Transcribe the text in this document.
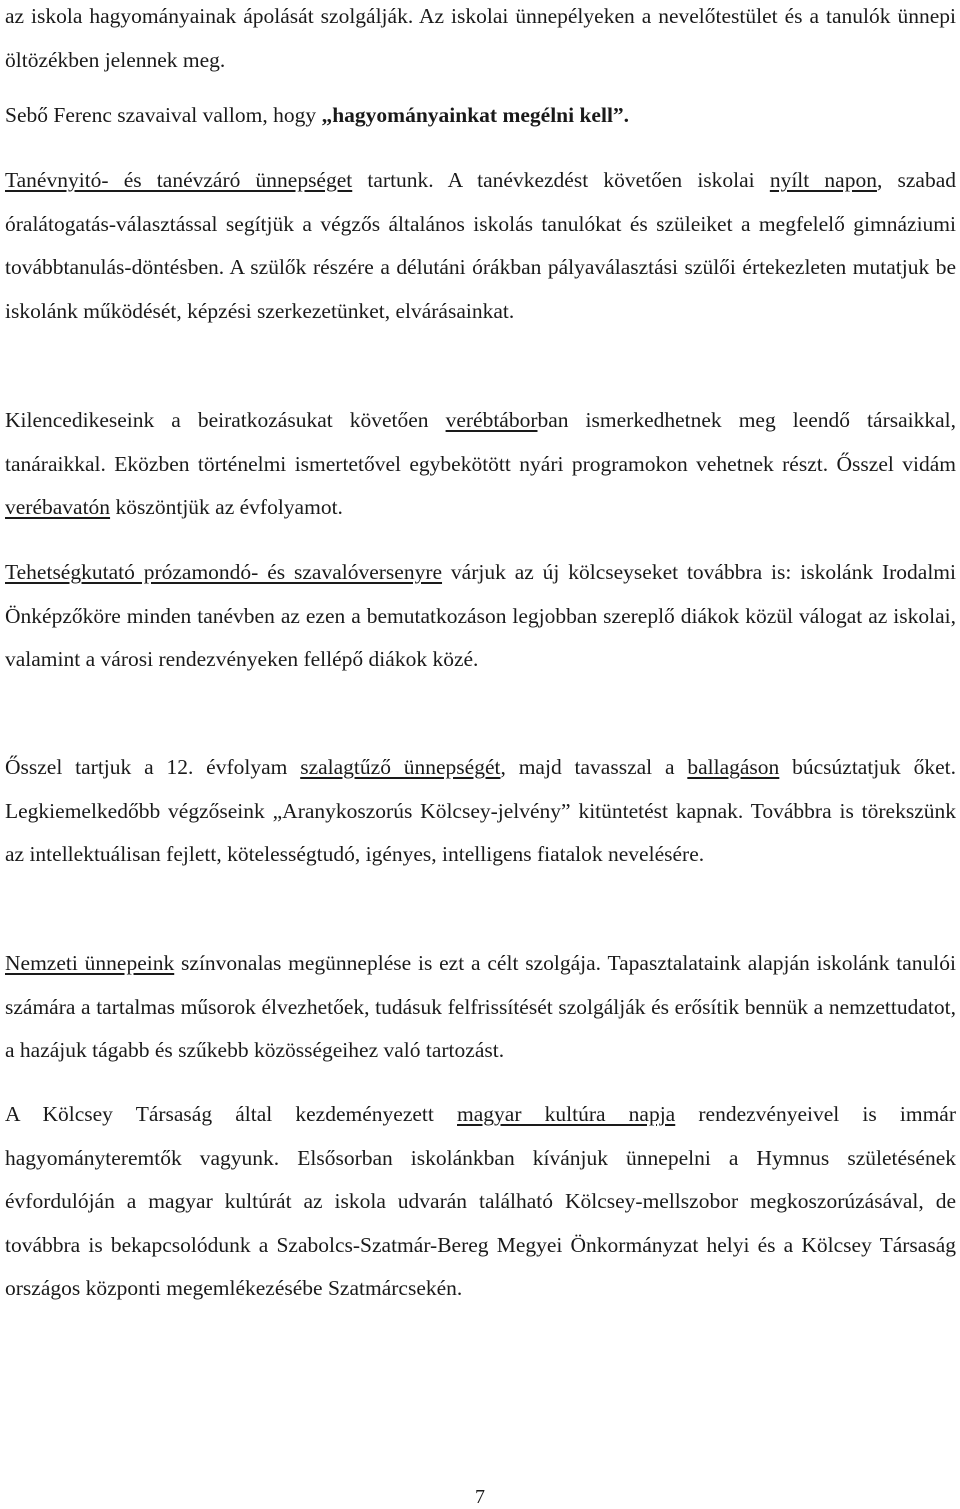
az iskola hagyományainak ápolását szolgálják. Az iskolai ünnepélyeken a nevelőtestület és a tanulók ünnepi öltözékben jelennek meg.

Sebő Ferenc szavaival vallom, hogy „hagyományainkat megélni kell”.

Tanévnyitó- és tanévzáró ünnepséget tartunk. A tanévkezdést követően iskolai nyílt napon, szabad óralátogatás-választással segítjük a végzős általános iskolás tanulókat és szüleiket a megfelelő gimnáziumi továbbtanulás-döntésben. A szülők részére a délutáni órákban pályaválasztási szülői értekezleten mutatjuk be iskolánk működését, képzési szerkezetünket, elvárásainkat.

Kilencedikeseink a beiratkozásukat követően verébtáborban ismerkedhetnek meg leendő társaikkal, tanáraikkal. Eközben történelmi ismertetővel egybekötött nyári programokon vehetnek részt. Ősszel vidám verébavatón köszöntjük az évfolyamot.

Tehetségkutató prózamondó- és szavalóversenyre várjuk az új kölcseyseket továbbra is: iskolánk Irodalmi Önképzőköre minden tanévben az ezen a bemutatkozáson legjobban szereplő diákok közül válogat az iskolai, valamint a városi rendezvényeken fellépő diákok közé.

Ősszel tartjuk a 12. évfolyam szalagtűző ünnepségét, majd tavasszal a ballagáson búcsúztatjuk őket. Legkiemelkedőbb végzőseink „Aranykoszorús Kölcsey-jelvény” kitüntetést kapnak. Továbbra is törekszünk az intellektuálisan fejlett, kötelességtudó, igényes, intelligens fiatalok nevelésére.

Nemzeti ünnepeink színvonalas megünneplése is ezt a célt szolgája. Tapasztalataink alapján iskolánk tanulói számára a tartalmas műsorok élvezhetőek, tudásuk felfrissítését szolgálják és erősítik bennük a nemzettudatot, a hazájuk tágabb és szűkebb közösségeihez való tartozást.

A Kölcsey Társaság által kezdeményezett magyar kultúra napja rendezvényeivel is immár hagyományteremtők vagyunk. Elsősorban iskolánkban kívánjuk ünnepelni a Hymnus születésének évfordulóján a magyar kultúrát az iskola udvarán található Kölcsey-mellszobor megkoszorúzásával, de továbbra is bekapcsolódunk a Szabolcs-Szatmár-Bereg Megyei Önkormányzat helyi és a Kölcsey Társaság országos központi megemlékezésébe Szatmárcsekén.

7
